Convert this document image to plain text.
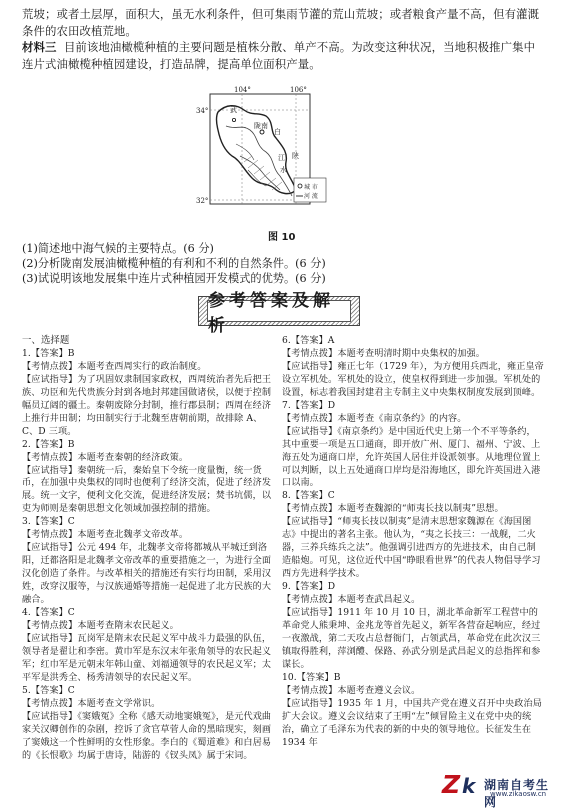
荒坡；或者土层厚，面积大，虽无水利条件，但可集雨节灌的荒山荒坡；或者粮食产量不高，但有灌溉条件的农田改植荒地。

材料三 目前该地油橄榄种植的主要问题是植株分散、单产不高。为改变这种状况，当地积极推广集中连片式油橄榄种植园建设，打造品牌，提高单位面积产量。

104°	106°
34°
32°
武
陇南
白
江
水
陕
城 市
河 流
图 10

(1)简述地中海气候的主要特点。(6 分)

(2)分析陇南发展油橄榄种植的有利和不利的自然条件。(6 分)

(3)试说明该地发展集中连片式种植园开发模式的优势。(6 分)

参考答案及解析

一、选择题

1.【答案】B

【考情点拨】本题考查西周实行的政治制度。

【应试指导】为了巩固奴隶制国家政权，西周统治者先后把王族、功臣和先代贵族分封到各地封邦建国做诸侯，以便于控制幅员辽阔的疆土。秦朝废除分封制，推行郡县制；西周在经济上推行井田制；均田制实行于北魏至唐朝前期，故排除 A、C、D 三项。

2.【答案】B

【考情点拨】本题考查秦朝的经济政策。

【应试指导】秦朝统一后，秦始皇下令统一度量衡，统一货币，在加强中央集权的同时也便利了经济交流，促进了经济发展。统一文字，便利文化交流，促进经济发展；焚书坑儒，以吏为师则是秦朝思想文化领域加强控制的措施。

3.【答案】C

【考情点拨】本题考查北魏孝文帝改革。

【应试指导】公元 494 年，北魏孝文帝将都城从平城迁到洛阳，迁都洛阳是北魏孝文帝改革的重要措施之一，为进行全面汉化创造了条件。与改革相关的措施还有实行均田制，采用汉姓，改穿汉服等，与汉族通婚等措施一起促进了北方民族的大融合。

4.【答案】C

【考情点拨】本题考查隋末农民起义。

【应试指导】瓦岗军是隋末农民起义军中战斗力最强的队伍，领导者是翟让和李密。黄巾军是东汉末年张角领导的农民起义军；红巾军是元朝末年韩山童、刘福通领导的农民起义军；太平军是洪秀全、杨秀清领导的农民起义军。

5.【答案】C

【考情点拨】本题考查文学常识。

【应试指导】《窦娥冤》全称《感天动地窦娥冤》，是元代戏曲家关汉卿创作的杂剧，控诉了贪官草菅人命的黑暗现实，刻画了窦娥这一个性鲜明的女性形象。李白的《蜀道难》和白居易的《长恨歌》均属于唐诗，陆游的《钗头凤》属于宋词。

6.【答案】A

【考情点拨】本题考查明清时期中央集权的加强。

【应试指导】雍正七年（1729 年），为方便用兵西北，雍正皇帝设立军机处。军机处的设立，使皇权得到进一步加强。军机处的设置，标志着我国封建君主专制主义中央集权制度发展到顶峰。

7.【答案】D

【考情点拨】本题考查《南京条约》的内容。

【应试指导】《南京条约》是中国近代史上第一个不平等条约，其中重要一项是五口通商，即开放广州、厦门、福州、宁波、上海五处为通商口岸，允许英国人居住并设派领事。从地理位置上可以判断，以上五处通商口岸均是沿海地区，即允许英国进入港口以南。

8.【答案】C

【考情点拨】本题考查魏源的“师夷长技以制夷”思想。

【应试指导】“师夷长技以制夷”是清末思想家魏源在《海国图志》中提出的著名主张。他认为，“夷之长技三：一战舰，二火器，三养兵练兵之法”。他强调引进西方的先进技术，由自己制造船炮。可见，这位近代中国“睁眼看世界”的代表人物倡导学习西方先进科学技术。

9.【答案】D

【考情点拨】本题考查武昌起义。

【应试指导】1911 年 10 月 10 日，湖北革命新军工程营中的革命党人熊秉坤、金兆龙等首先起义，新军各营奋起响应，经过一夜激战，第二天攻占总督衙门，占领武昌，革命党在此次汉三镇取得胜利，萍浏醴、保路、孙武分别是武昌起义的总指挥和参谋长。

10.【答案】B

【考情点拨】本题考查遵义会议。

【应试指导】1935 年 1 月，中国共产党在遵义召开中央政治局扩大会议。遵义会议结束了王明“左”倾冒险主义在党中央的统治，确立了毛泽东为代表的新的中央的领导地位。长征发生在 1934 年

Z k 湖南自考生网
www.zikaosw.cn
